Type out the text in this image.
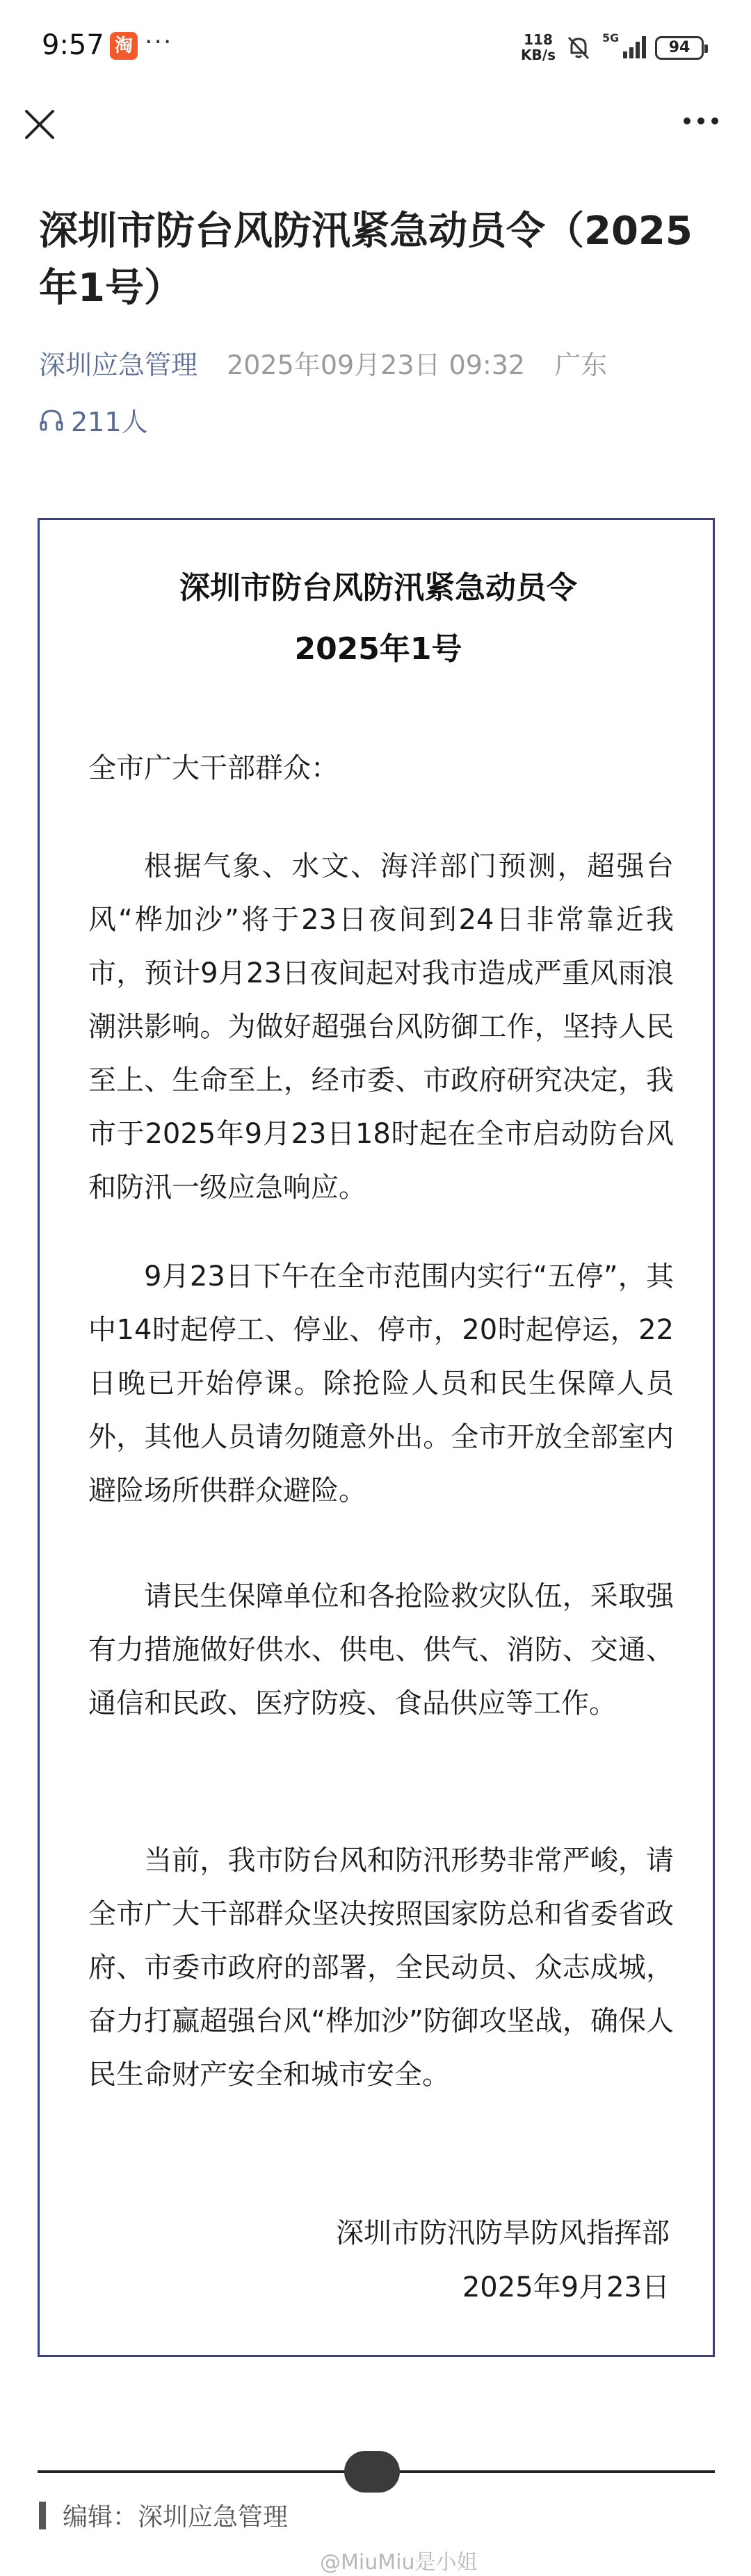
9:57 淘 ···	118
KB/s
5G
94
深圳市防台风防汛紧急动员令（2025年1号）
深圳应急管理 2025年09月23日 09:32 广东
211人
深圳市防台风防汛紧急动员令
2025年1号
全市广大干部群众：

根据气象、水文、海洋部门预测，超强台风“桦加沙”将于23日夜间到24日非常靠近我市，预计9月23日夜间起对我市造成严重风雨浪潮洪影响。为做好超强台风防御工作，坚持人民至上、生命至上，经市委、市政府研究决定，我市于2025年9月23日18时起在全市启动防台风和防汛一级应急响应。

9月23日下午在全市范围内实行“五停”，其中14时起停工、停业、停市，20时起停运，22日晚已开始停课。除抢险人员和民生保障人员外，其他人员请勿随意外出。全市开放全部室内避险场所供群众避险。

请民生保障单位和各抢险救灾队伍，采取强有力措施做好供水、供电、供气、消防、交通、通信和民政、医疗防疫、食品供应等工作。

当前，我市防台风和防汛形势非常严峻，请全市广大干部群众坚决按照国家防总和省委省政府、市委市政府的部署，全民动员、众志成城，奋力打赢超强台风“桦加沙”防御攻坚战，确保人民生命财产安全和城市安全。

深圳市防汛防旱防风指挥部
2025年9月23日
编辑：深圳应急管理
@MiuMiu是小姐
